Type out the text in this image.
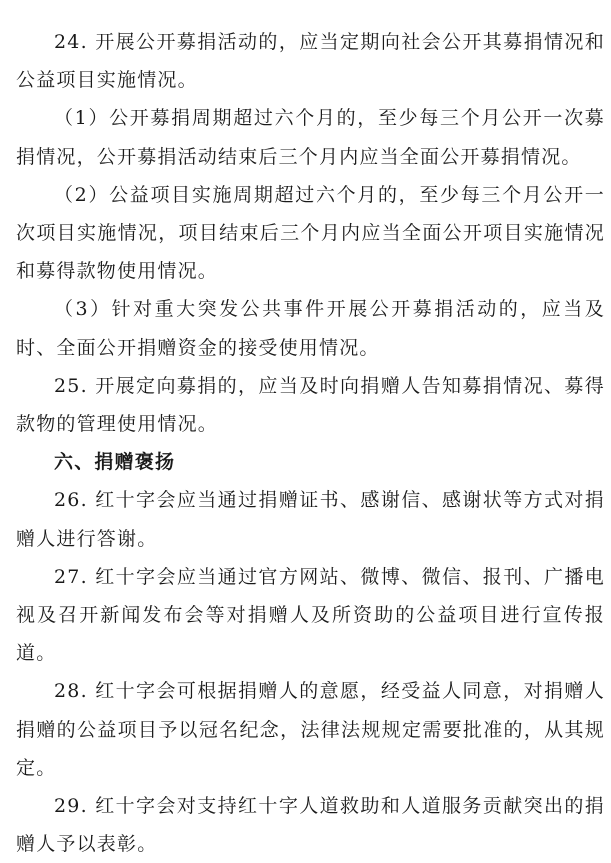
24. 开展公开募捐活动的，应当定期向社会公开其募捐情况和公益项目实施情况。

（1）公开募捐周期超过六个月的，至少每三个月公开一次募捐情况，公开募捐活动结束后三个月内应当全面公开募捐情况。

（2）公益项目实施周期超过六个月的，至少每三个月公开一次项目实施情况，项目结束后三个月内应当全面公开项目实施情况和募得款物使用情况。

（3）针对重大突发公共事件开展公开募捐活动的，应当及时、全面公开捐赠资金的接受使用情况。

25. 开展定向募捐的，应当及时向捐赠人告知募捐情况、募得款物的管理使用情况。

六、捐赠褒扬

26. 红十字会应当通过捐赠证书、感谢信、感谢状等方式对捐赠人进行答谢。

27. 红十字会应当通过官方网站、微博、微信、报刊、广播电视及召开新闻发布会等对捐赠人及所资助的公益项目进行宣传报道。

28. 红十字会可根据捐赠人的意愿，经受益人同意，对捐赠人捐赠的公益项目予以冠名纪念，法律法规规定需要批准的，从其规定。

29. 红十字会对支持红十字人道救助和人道服务贡献突出的捐赠人予以表彰。
